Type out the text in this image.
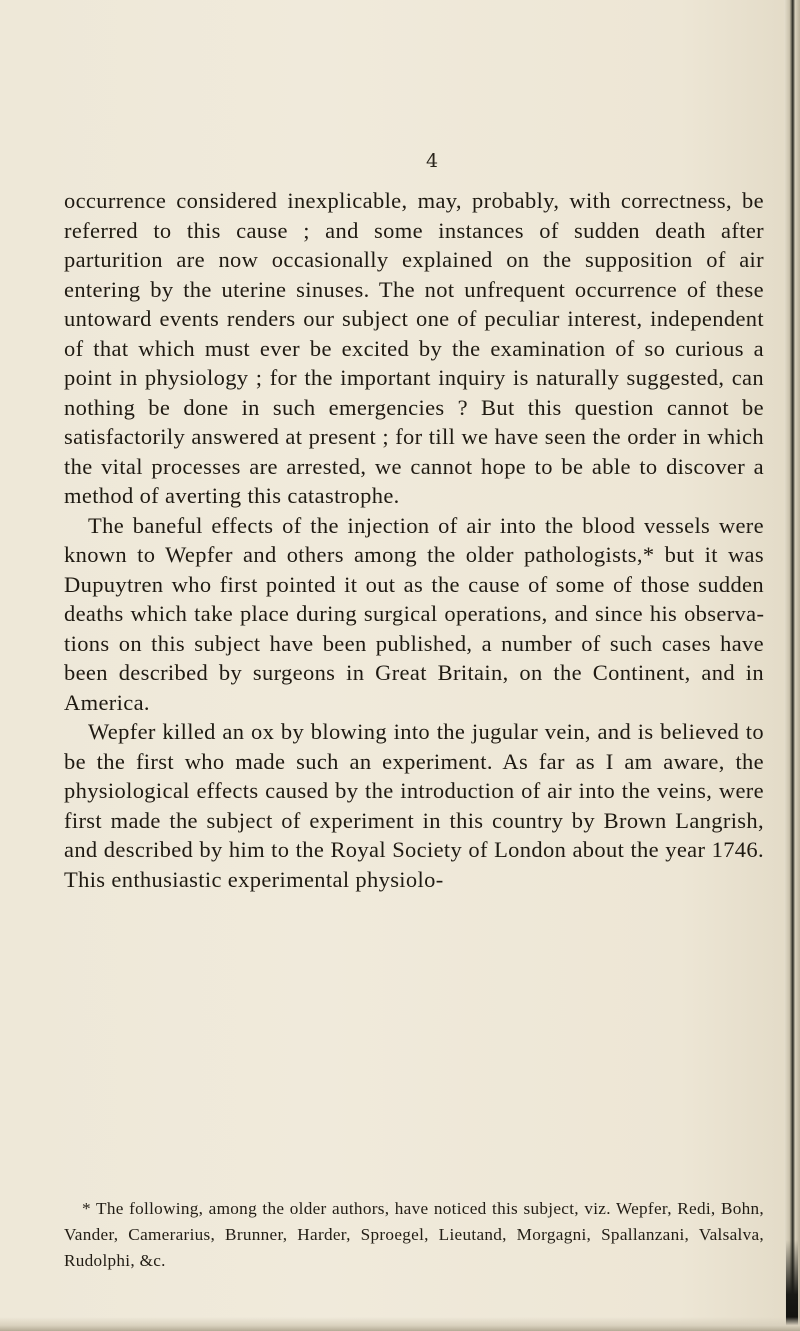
4

occurrence considered inexplicable, may, probably, with correctness, be referred to this cause ; and some instances of sudden death after parturition are now occasionally explained on the supposition of air entering by the uterine sinuses. The not unfrequent occurrence of these untoward events renders our subject one of peculiar interest, independent of that which must ever be excited by the examination of so curious a point in physiology ; for the important inquiry is naturally suggested, can nothing be done in such emergencies ? But this question cannot be satisfactorily answered at present ; for till we have seen the order in which the vital processes are arrested, we cannot hope to be able to discover a method of averting this catastrophe.

The baneful effects of the injection of air into the blood vessels were known to Wepfer and others among the older pathologists,* but it was Dupuytren who first pointed it out as the cause of some of those sudden deaths which take place during surgical operations, and since his observations on this subject have been published, a number of such cases have been described by surgeons in Great Britain, on the Continent, and in America.

Wepfer killed an ox by blowing into the jugular vein, and is believed to be the first who made such an experiment. As far as I am aware, the physiological effects caused by the introduction of air into the veins, were first made the subject of experiment in this country by Brown Langrish, and described by him to the Royal Society of London about the year 1746. This enthusiastic experimental physiolo-

* The following, among the older authors, have noticed this subject, viz. Wepfer, Redi, Bohn, Vander, Camerarius, Brunner, Harder, Sproegel, Lieutand, Morgagni, Spallanzani, Valsalva, Rudolphi, &c.
